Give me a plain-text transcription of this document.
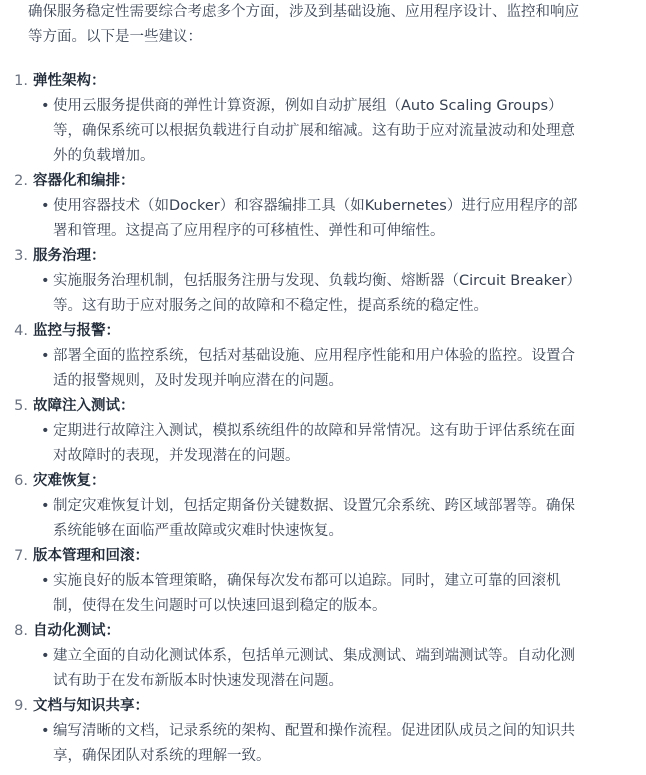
确保服务稳定性需要综合考虑多个方面，涉及到基础设施、应用程序设计、监控和响应等方面。以下是一些建议：

1. 弹性架构：
• 使用云服务提供商的弹性计算资源，例如自动扩展组（Auto Scaling Groups）等，确保系统可以根据负载进行自动扩展和缩减。这有助于应对流量波动和处理意外的负载增加。
2. 容器化和编排：
• 使用容器技术（如Docker）和容器编排工具（如Kubernetes）进行应用程序的部署和管理。这提高了应用程序的可移植性、弹性和可伸缩性。
3. 服务治理：
• 实施服务治理机制，包括服务注册与发现、负载均衡、熔断器（Circuit Breaker）等。这有助于应对服务之间的故障和不稳定性，提高系统的稳定性。
4. 监控与报警：
• 部署全面的监控系统，包括对基础设施、应用程序性能和用户体验的监控。设置合适的报警规则，及时发现并响应潜在的问题。
5. 故障注入测试：
• 定期进行故障注入测试，模拟系统组件的故障和异常情况。这有助于评估系统在面对故障时的表现，并发现潜在的问题。
6. 灾难恢复：
• 制定灾难恢复计划，包括定期备份关键数据、设置冗余系统、跨区域部署等。确保系统能够在面临严重故障或灾难时快速恢复。
7. 版本管理和回滚：
• 实施良好的版本管理策略，确保每次发布都可以追踪。同时，建立可靠的回滚机制，使得在发生问题时可以快速回退到稳定的版本。
8. 自动化测试：
• 建立全面的自动化测试体系，包括单元测试、集成测试、端到端测试等。自动化测试有助于在发布新版本时快速发现潜在问题。
9. 文档与知识共享：
• 编写清晰的文档，记录系统的架构、配置和操作流程。促进团队成员之间的知识共享，确保团队对系统的理解一致。
